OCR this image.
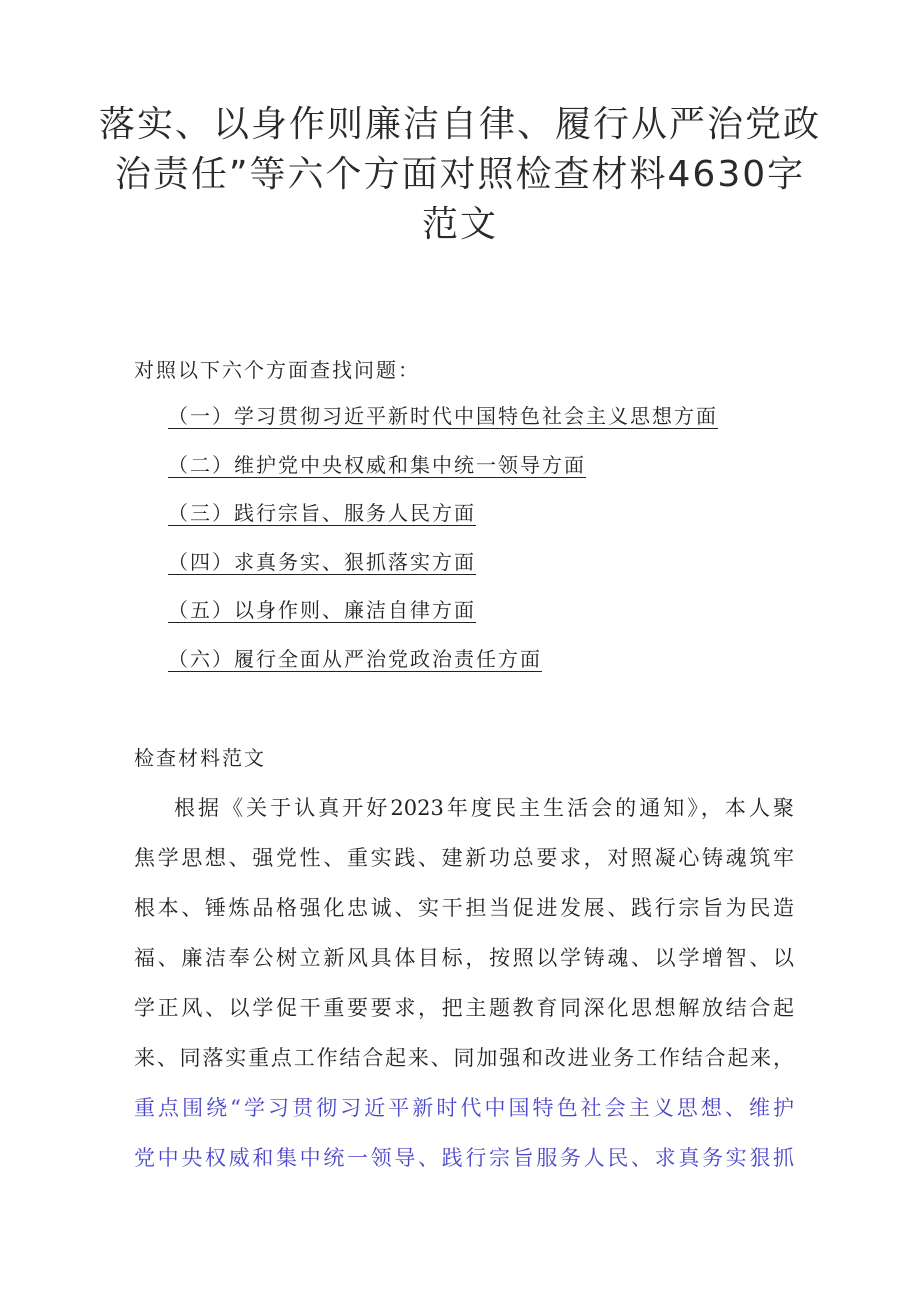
落实、以身作则廉洁自律、履行从严治党政
治责任”等六个方面对照检查材料4630字
范文
对照以下六个方面查找问题：
（一）学习贯彻习近平新时代中国特色社会主义思想方面
（二）维护党中央权威和集中统一领导方面
（三）践行宗旨、服务人民方面
（四）求真务实、狠抓落实方面
（五）以身作则、廉洁自律方面
（六）履行全面从严治党政治责任方面
检查材料范文
根据《关于认真开好2023年度民主生活会的通知》，本人聚
焦学思想、强党性、重实践、建新功总要求，对照凝心铸魂筑牢
根本、锤炼品格强化忠诚、实干担当促进发展、践行宗旨为民造
福、廉洁奉公树立新风具体目标，按照以学铸魂、以学增智、以
学正风、以学促干重要要求，把主题教育同深化思想解放结合起
来、同落实重点工作结合起来、同加强和改进业务工作结合起来，
重点围绕“学习贯彻习近平新时代中国特色社会主义思想、维护
党中央权威和集中统一领导、践行宗旨服务人民、求真务实狠抓
